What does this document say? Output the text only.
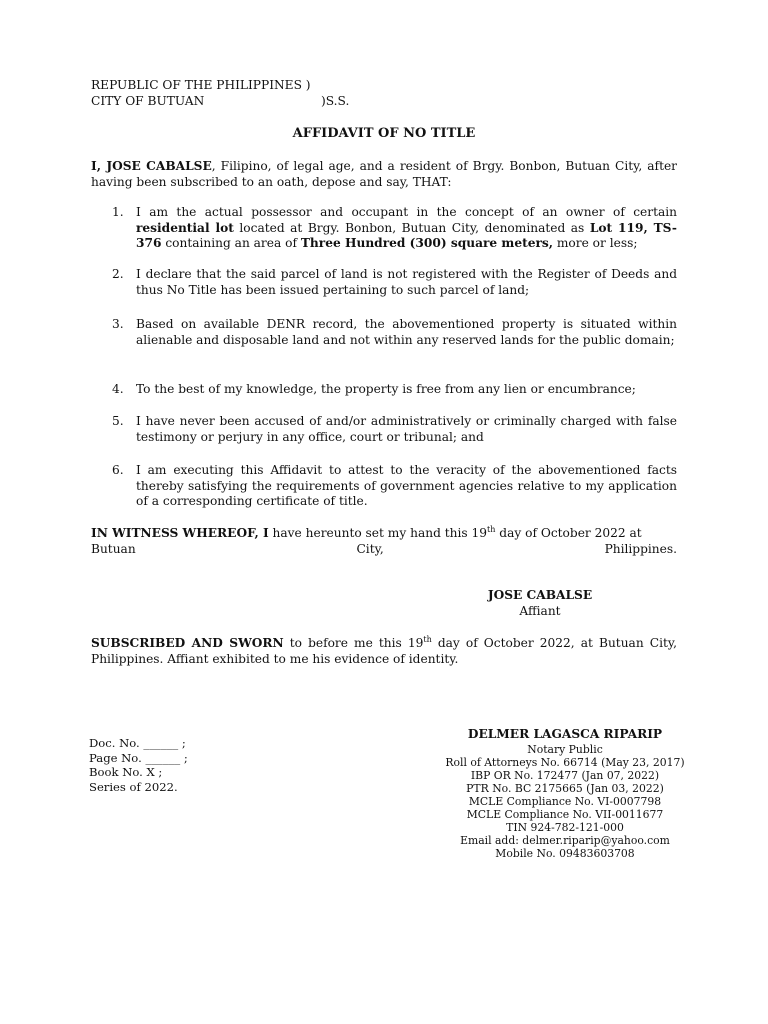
REPUBLIC OF THE PHILIPPINES )
CITY OF BUTUAN	)S.S.
AFFIDAVIT OF NO TITLE
I, JOSE CABALSE, Filipino, of legal age, and a resident of Brgy. Bonbon, Butuan City, after having been subscribed to an oath, depose and say, THAT:
1. I am the actual possessor and occupant in the concept of an owner of certain residential lot located at Brgy. Bonbon, Butuan City, denominated as Lot 119, TS-376 containing an area of Three Hundred (300) square meters, more or less;
2. I declare that the said parcel of land is not registered with the Register of Deeds and thus No Title has been issued pertaining to such parcel of land;
3. Based on available DENR record, the abovementioned property is situated within alienable and disposable land and not within any reserved lands for the public domain;
4. To the best of my knowledge, the property is free from any lien or encumbrance;
5. I have never been accused of and/or administratively or criminally charged with false testimony or perjury in any office, court or tribunal; and
6. I am executing this Affidavit to attest to the veracity of the abovementioned facts thereby satisfying the requirements of government agencies relative to my application of a corresponding certificate of title.
IN WITNESS WHEREOF, I have hereunto set my hand this 19th day of October 2022 at
Butuan	City,	Philippines.
JOSE CABALSE
Affiant
SUBSCRIBED AND SWORN to before me this 19th day of October 2022, at Butuan City, Philippines. Affiant exhibited to me his evidence of identity.
Doc. No. ______ ;
Page No. ______ ;
Book No. X ;
Series of 2022.
DELMER LAGASCA RIPARIP
Notary Public
Roll of Attorneys No. 66714 (May 23, 2017)
IBP OR No. 172477 (Jan 07, 2022)
PTR No. BC 2175665 (Jan 03, 2022)
MCLE Compliance No. VI-0007798
MCLE Compliance No. VII-0011677
TIN 924-782-121-000
Email add: delmer.riparip@yahoo.com
Mobile No. 09483603708
